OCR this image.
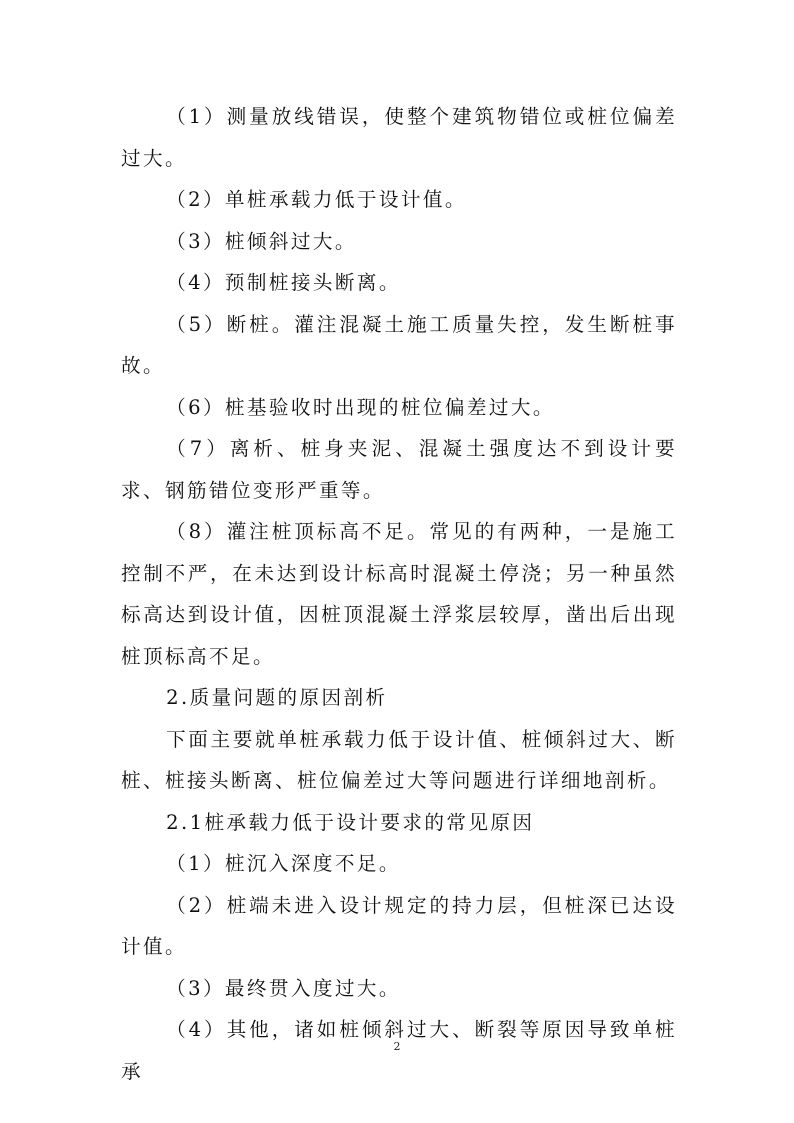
（1）测量放线错误，使整个建筑物错位或桩位偏差过大。

（2）单桩承载力低于设计值。

（3）桩倾斜过大。

（4）预制桩接头断离。

（5）断桩。灌注混凝土施工质量失控，发生断桩事故。

（6）桩基验收时出现的桩位偏差过大。

（7）离析、桩身夹泥、混凝土强度达不到设计要求、钢筋错位变形严重等。

（8）灌注桩顶标高不足。常见的有两种，一是施工控制不严，在未达到设计标高时混凝土停浇；另一种虽然标高达到设计值，因桩顶混凝土浮浆层较厚，凿出后出现桩顶标高不足。

2.质量问题的原因剖析

下面主要就单桩承载力低于设计值、桩倾斜过大、断桩、桩接头断离、桩位偏差过大等问题进行详细地剖析。

2.1桩承载力低于设计要求的常见原因

（1）桩沉入深度不足。

（2）桩端未进入设计规定的持力层，但桩深已达设计值。

（3）最终贯入度过大。

（4）其他，诸如桩倾斜过大、断裂等原因导致单桩承

2
